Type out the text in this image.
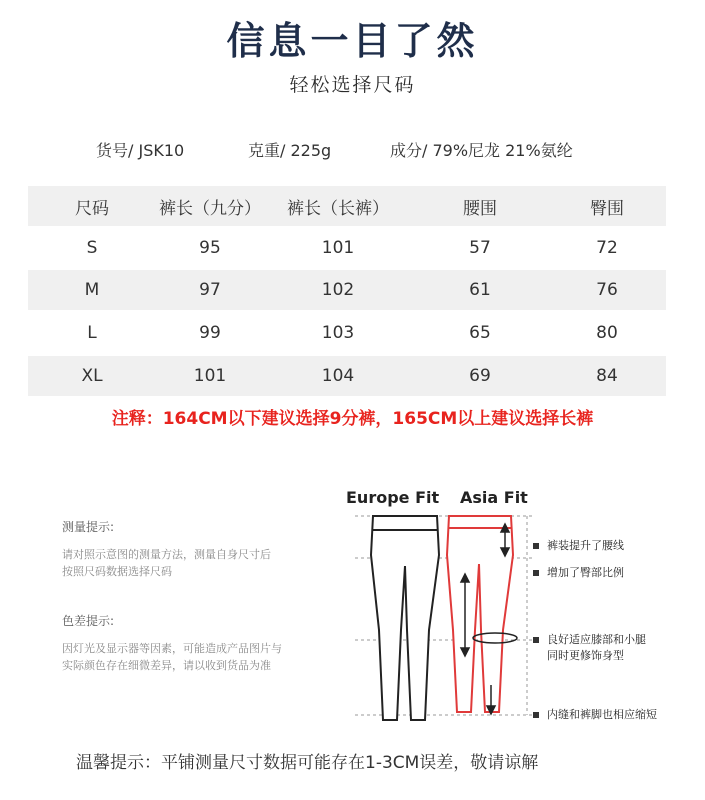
信息一目了然
轻松选择尺码
货号/ JSK10	克重/ 225g	成分/ 79%尼龙 21%氨纶
尺码	裤长（九分）	裤长（长裤）	腰围	臀围
S	95	101	57	72
M	97	102	61	76
L	99	103	65	80
XL	101	104	69	84
注释：164CM以下建议选择9分裤，165CM以上建议选择长裤
测量提示:
请对照示意图的测量方法，测量自身尺寸后
按照尺码数据选择尺码
色差提示:
因灯光及显示器等因素，可能造成产品图片与
实际颜色存在细微差异，请以收到货品为准
Europe Fit Asia Fit
裤装提升了腰线
增加了臀部比例
良好适应膝部和小腿
同时更修饰身型
内缝和裤脚也相应缩短
温馨提示：平铺测量尺寸数据可能存在1-3CM误差，敬请谅解
